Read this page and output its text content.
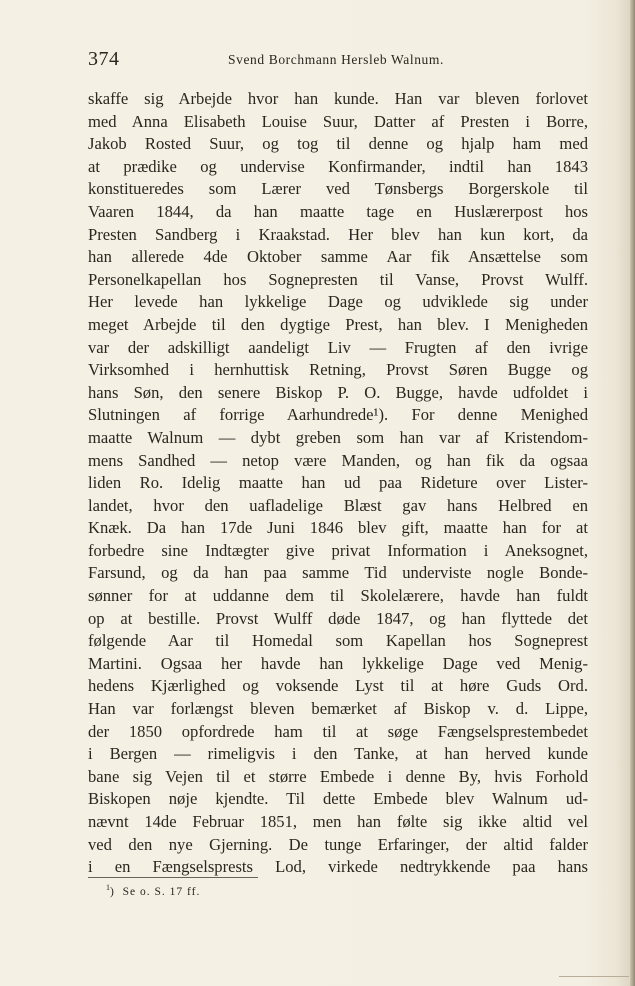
374	Svend Borchmann Hersleb Walnum.
skaffe sig Arbejde hvor han kunde. Han var bleven forlovet
med Anna Elisabeth Louise Suur, Datter af Presten i Borre,
Jakob Rosted Suur, og tog til denne og hjalp ham med
at prædike og undervise Konfirmander, indtil han 1843
konstitueredes som Lærer ved Tønsbergs Borgerskole til
Vaaren 1844, da han maatte tage en Huslærerpost hos
Presten Sandberg i Kraakstad. Her blev han kun kort, da
han allerede 4de Oktober samme Aar fik Ansættelse som
Personelkapellan hos Sognepresten til Vanse, Provst Wulff.
Her levede han lykkelige Dage og udviklede sig under
meget Arbejde til den dygtige Prest, han blev. I Menigheden
var der adskilligt aandeligt Liv — Frugten af den ivrige
Virksomhed i hernhuttisk Retning, Provst Søren Bugge og
hans Søn, den senere Biskop P. O. Bugge, havde udfoldet i
Slutningen af forrige Aarhundrede¹). For denne Menighed
maatte Walnum — dybt greben som han var af Kristendom-
mens Sandhed — netop være Manden, og han fik da ogsaa
liden Ro. Idelig maatte han ud paa Rideture over Lister-
landet, hvor den uafladelige Blæst gav hans Helbred en
Knæk. Da han 17de Juni 1846 blev gift, maatte han for at
forbedre sine Indtægter give privat Information i Aneksognet,
Farsund, og da han paa samme Tid underviste nogle Bonde-
sønner for at uddanne dem til Skolelærere, havde han fuldt
op at bestille. Provst Wulff døde 1847, og han flyttede det
følgende Aar til Homedal som Kapellan hos Sogneprest
Martini. Ogsaa her havde han lykkelige Dage ved Menig-
hedens Kjærlighed og voksende Lyst til at høre Guds Ord.
Han var forlængst bleven bemærket af Biskop v. d. Lippe,
der 1850 opfordrede ham til at søge Fængselsprestembedet
i Bergen — rimeligvis i den Tanke, at han herved kunde
bane sig Vejen til et større Embede i denne By, hvis Forhold
Biskopen nøje kjendte. Til dette Embede blev Walnum ud-
nævnt 14de Februar 1851, men han følte sig ikke altid vel
ved den nye Gjerning. De tunge Erfaringer, der altid falder
i en Fængselsprests Lod, virkede nedtrykkende paa hans
$^1$)  Se o. S. 17 ff.
